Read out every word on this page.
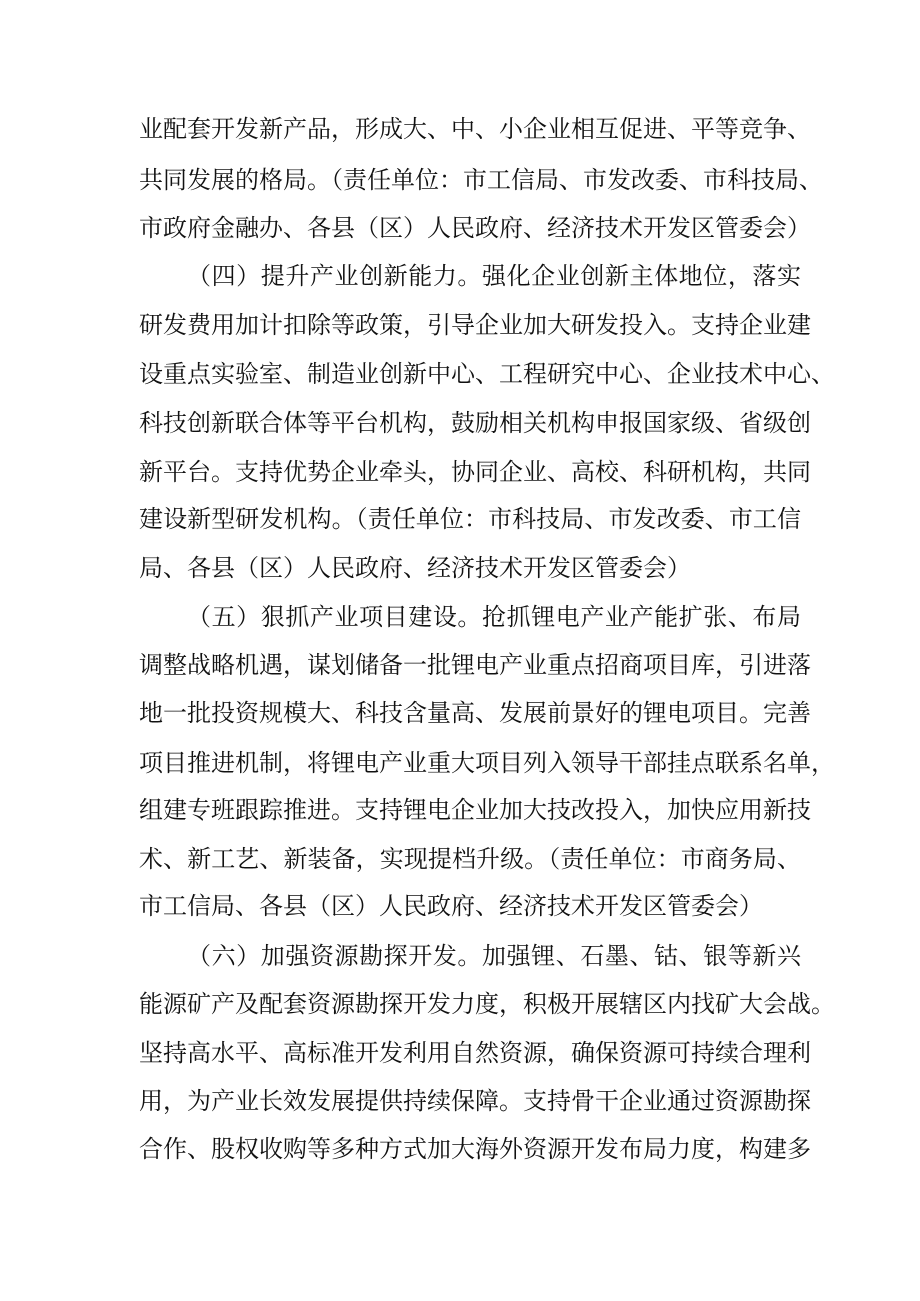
业配套开发新产品，形成大、中、小企业相互促进、平等竞争、
共同发展的格局。（责任单位：市工信局、市发改委、市科技局、
市政府金融办、各县（区）人民政府、经济技术开发区管委会）
（四）提升产业创新能力。强化企业创新主体地位，落实
研发费用加计扣除等政策，引导企业加大研发投入。支持企业建
设重点实验室、制造业创新中心、工程研究中心、企业技术中心、
科技创新联合体等平台机构，鼓励相关机构申报国家级、省级创
新平台。支持优势企业牵头，协同企业、高校、科研机构，共同
建设新型研发机构。（责任单位：市科技局、市发改委、市工信
局、各县（区）人民政府、经济技术开发区管委会）
（五）狠抓产业项目建设。抢抓锂电产业产能扩张、布局
调整战略机遇，谋划储备一批锂电产业重点招商项目库，引进落
地一批投资规模大、科技含量高、发展前景好的锂电项目。完善
项目推进机制，将锂电产业重大项目列入领导干部挂点联系名单，
组建专班跟踪推进。支持锂电企业加大技改投入，加快应用新技
术、新工艺、新装备，实现提档升级。（责任单位：市商务局、
市工信局、各县（区）人民政府、经济技术开发区管委会）
（六）加强资源勘探开发。加强锂、石墨、钴、银等新兴
能源矿产及配套资源勘探开发力度，积极开展辖区内找矿大会战。
坚持高水平、高标准开发利用自然资源，确保资源可持续合理利
用，为产业长效发展提供持续保障。支持骨干企业通过资源勘探
合作、股权收购等多种方式加大海外资源开发布局力度，构建多
